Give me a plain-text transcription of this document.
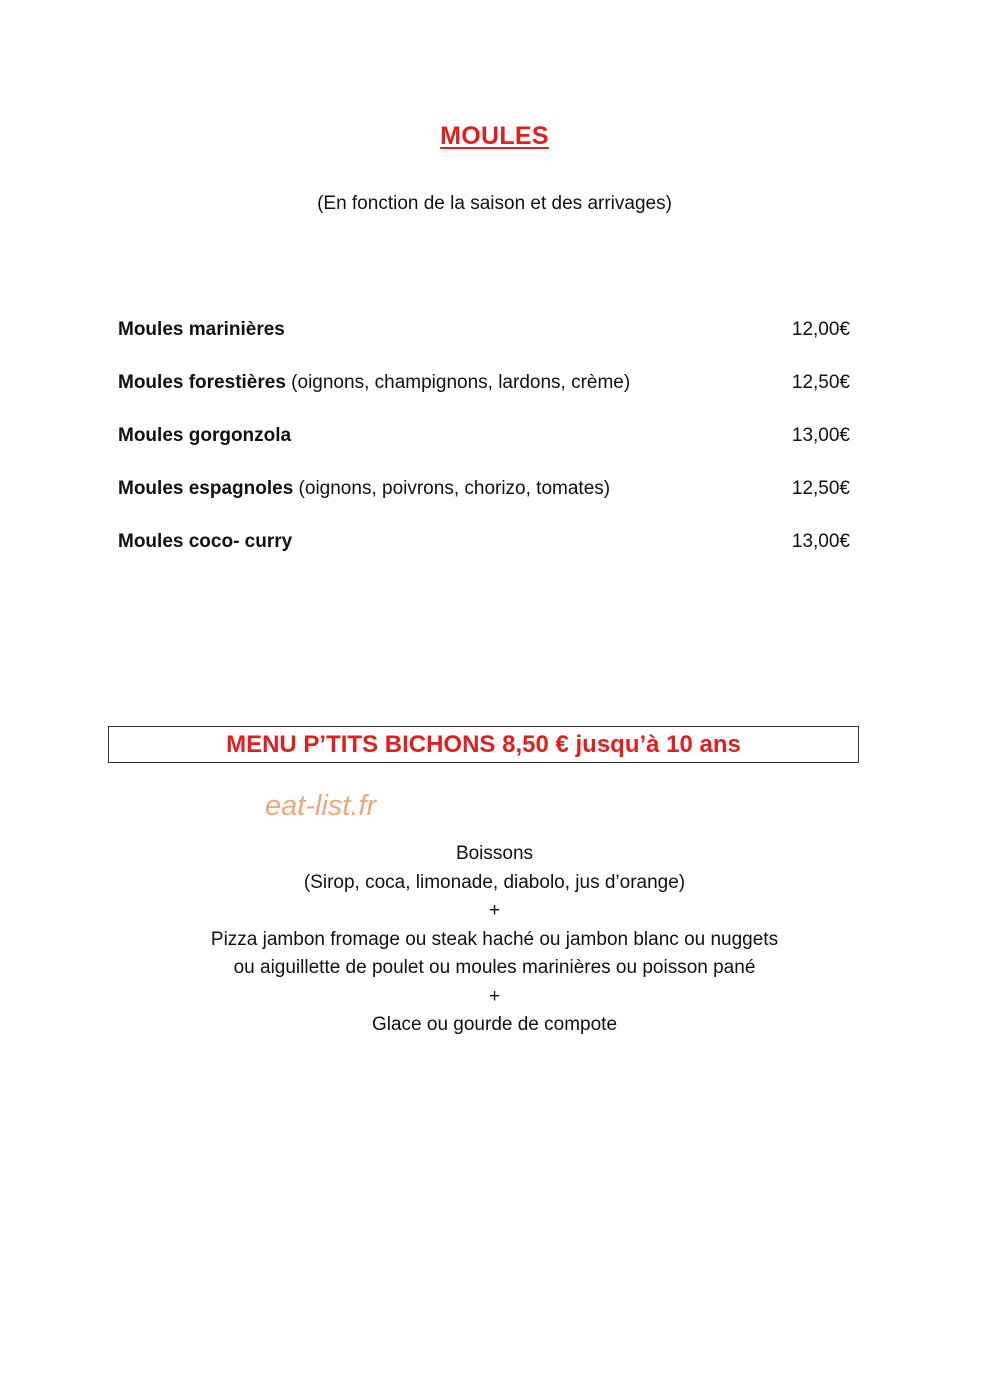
MOULES
(En fonction de la saison et des arrivages)
Moules marinières	12,00€
Moules forestières (oignons, champignons, lardons, crème)	12,50€
Moules gorgonzola	13,00€
Moules espagnoles (oignons, poivrons, chorizo, tomates)	12,50€
Moules coco- curry	13,00€
MENU P’TITS BICHONS 8,50 € jusqu’à 10 ans
eat-list.fr
Boissons
(Sirop, coca, limonade, diabolo, jus d’orange)
+
Pizza jambon fromage ou steak haché ou jambon blanc ou nuggets
ou aiguillette de poulet ou moules marinières ou poisson pané
+
Glace ou gourde de compote
